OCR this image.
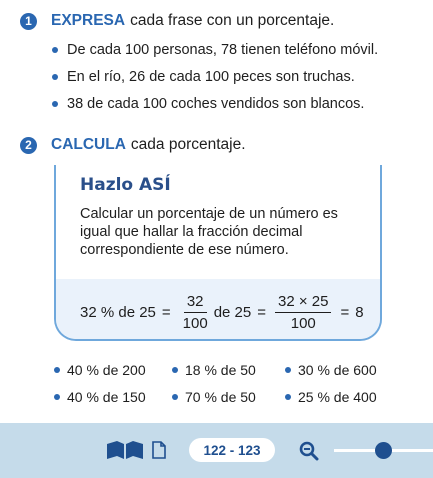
1	EXPRESA cada frase con un porcentaje.
De cada 100 personas, 78 tienen teléfono móvil.
En el río, 26 de cada 100 peces son truchas.
38 de cada 100 coches vendidos son blancos.
2	CALCULA cada porcentaje.
Hazlo ASÍ
Calcular un porcentaje de un número es igual que hallar la fracción decimal correspondiente de ese número.
32 % de $25 = \frac{32}{100}$ de $25 = \frac{32 \times 25}{100} = 8$
40 % de 200	18 % de 50	30 % de 600
40 % de 150	70 % de 50	25 % de 400
122 - 123
